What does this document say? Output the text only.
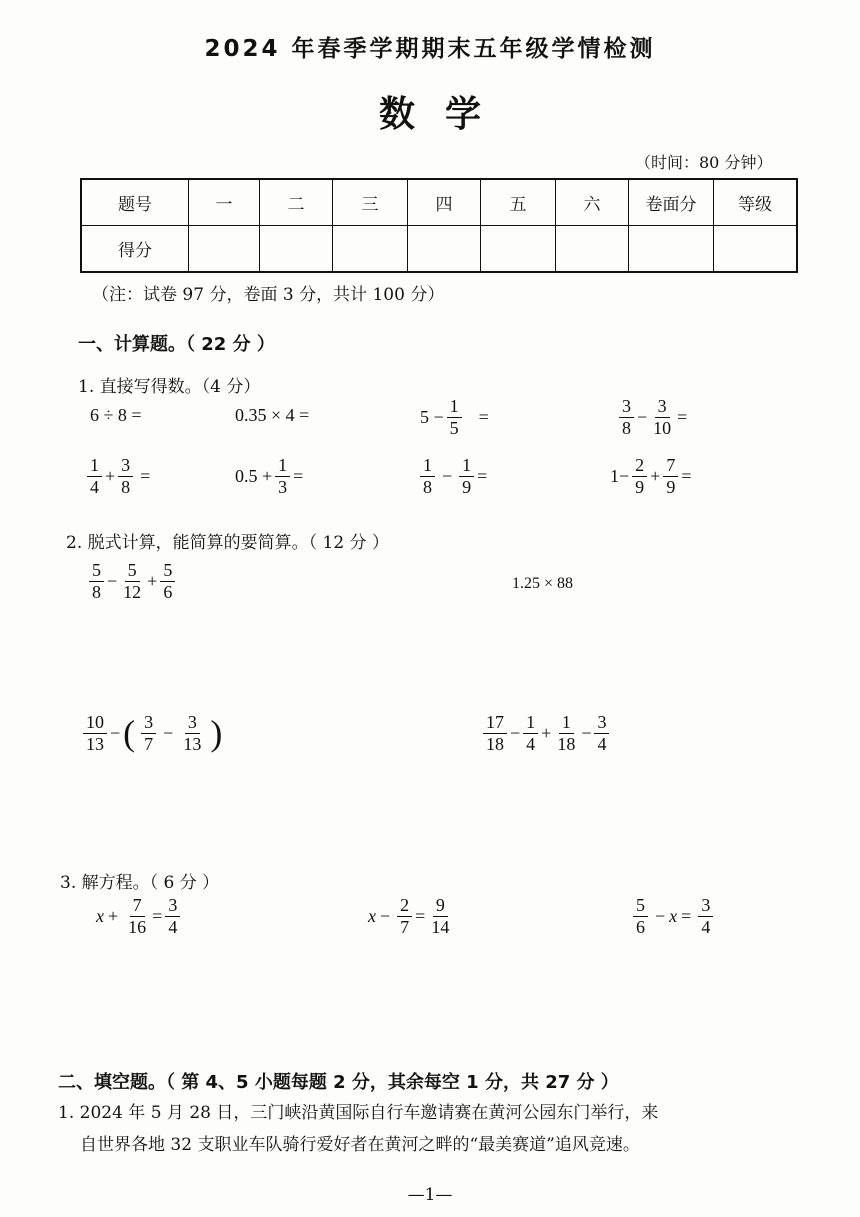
2024 年春季学期期末五年级学情检测
数学
（时间：80 分钟）
题号	一	二	三	四	五	六	卷面分	等级
得分								
（注：试卷 97 分，卷面 3 分，共计 100 分）
一、计算题。（ 22 分 ）
1. 直接写得数。（4 分）
6 ÷ 8 =	0.35 × 4 =	$5 - \frac{1}{5}$ =	$\frac{3}{8} - \frac{3}{10}$ =
$\frac{1}{4} + \frac{3}{8}$ =	$0.5 + \frac{1}{3}$ =	$\frac{1}{8} - \frac{1}{9}$ =	$1- \frac{2}{9} + \frac{7}{9}$ =
2. 脱式计算，能简算的要简算。（ 12 分 ）
$\frac{5}{8} - \frac{5}{12} + \frac{5}{6}$	1.25 × 88
$\frac{10}{13}$ − ( $\frac{3}{7} - \frac{3}{13}$ )	$\frac{17}{18} - \frac{1}{4} + \frac{1}{18} - \frac{3}{4}$
3. 解方程。（ 6 分 ）
$x + \frac{7}{16} = \frac{3}{4}$	$x - \frac{2}{7} = \frac{9}{14}$	$\frac{5}{6} - x = \frac{3}{4}$
二、填空题。（ 第 4、5 小题每题 2 分，其余每空 1 分，共 27 分 ）
1. 2024 年 5 月 28 日，三门峡沿黄国际自行车邀请赛在黄河公园东门举行，来
自世界各地 32 支职业车队骑行爱好者在黄河之畔的“最美赛道”追风竞速。
—1—
